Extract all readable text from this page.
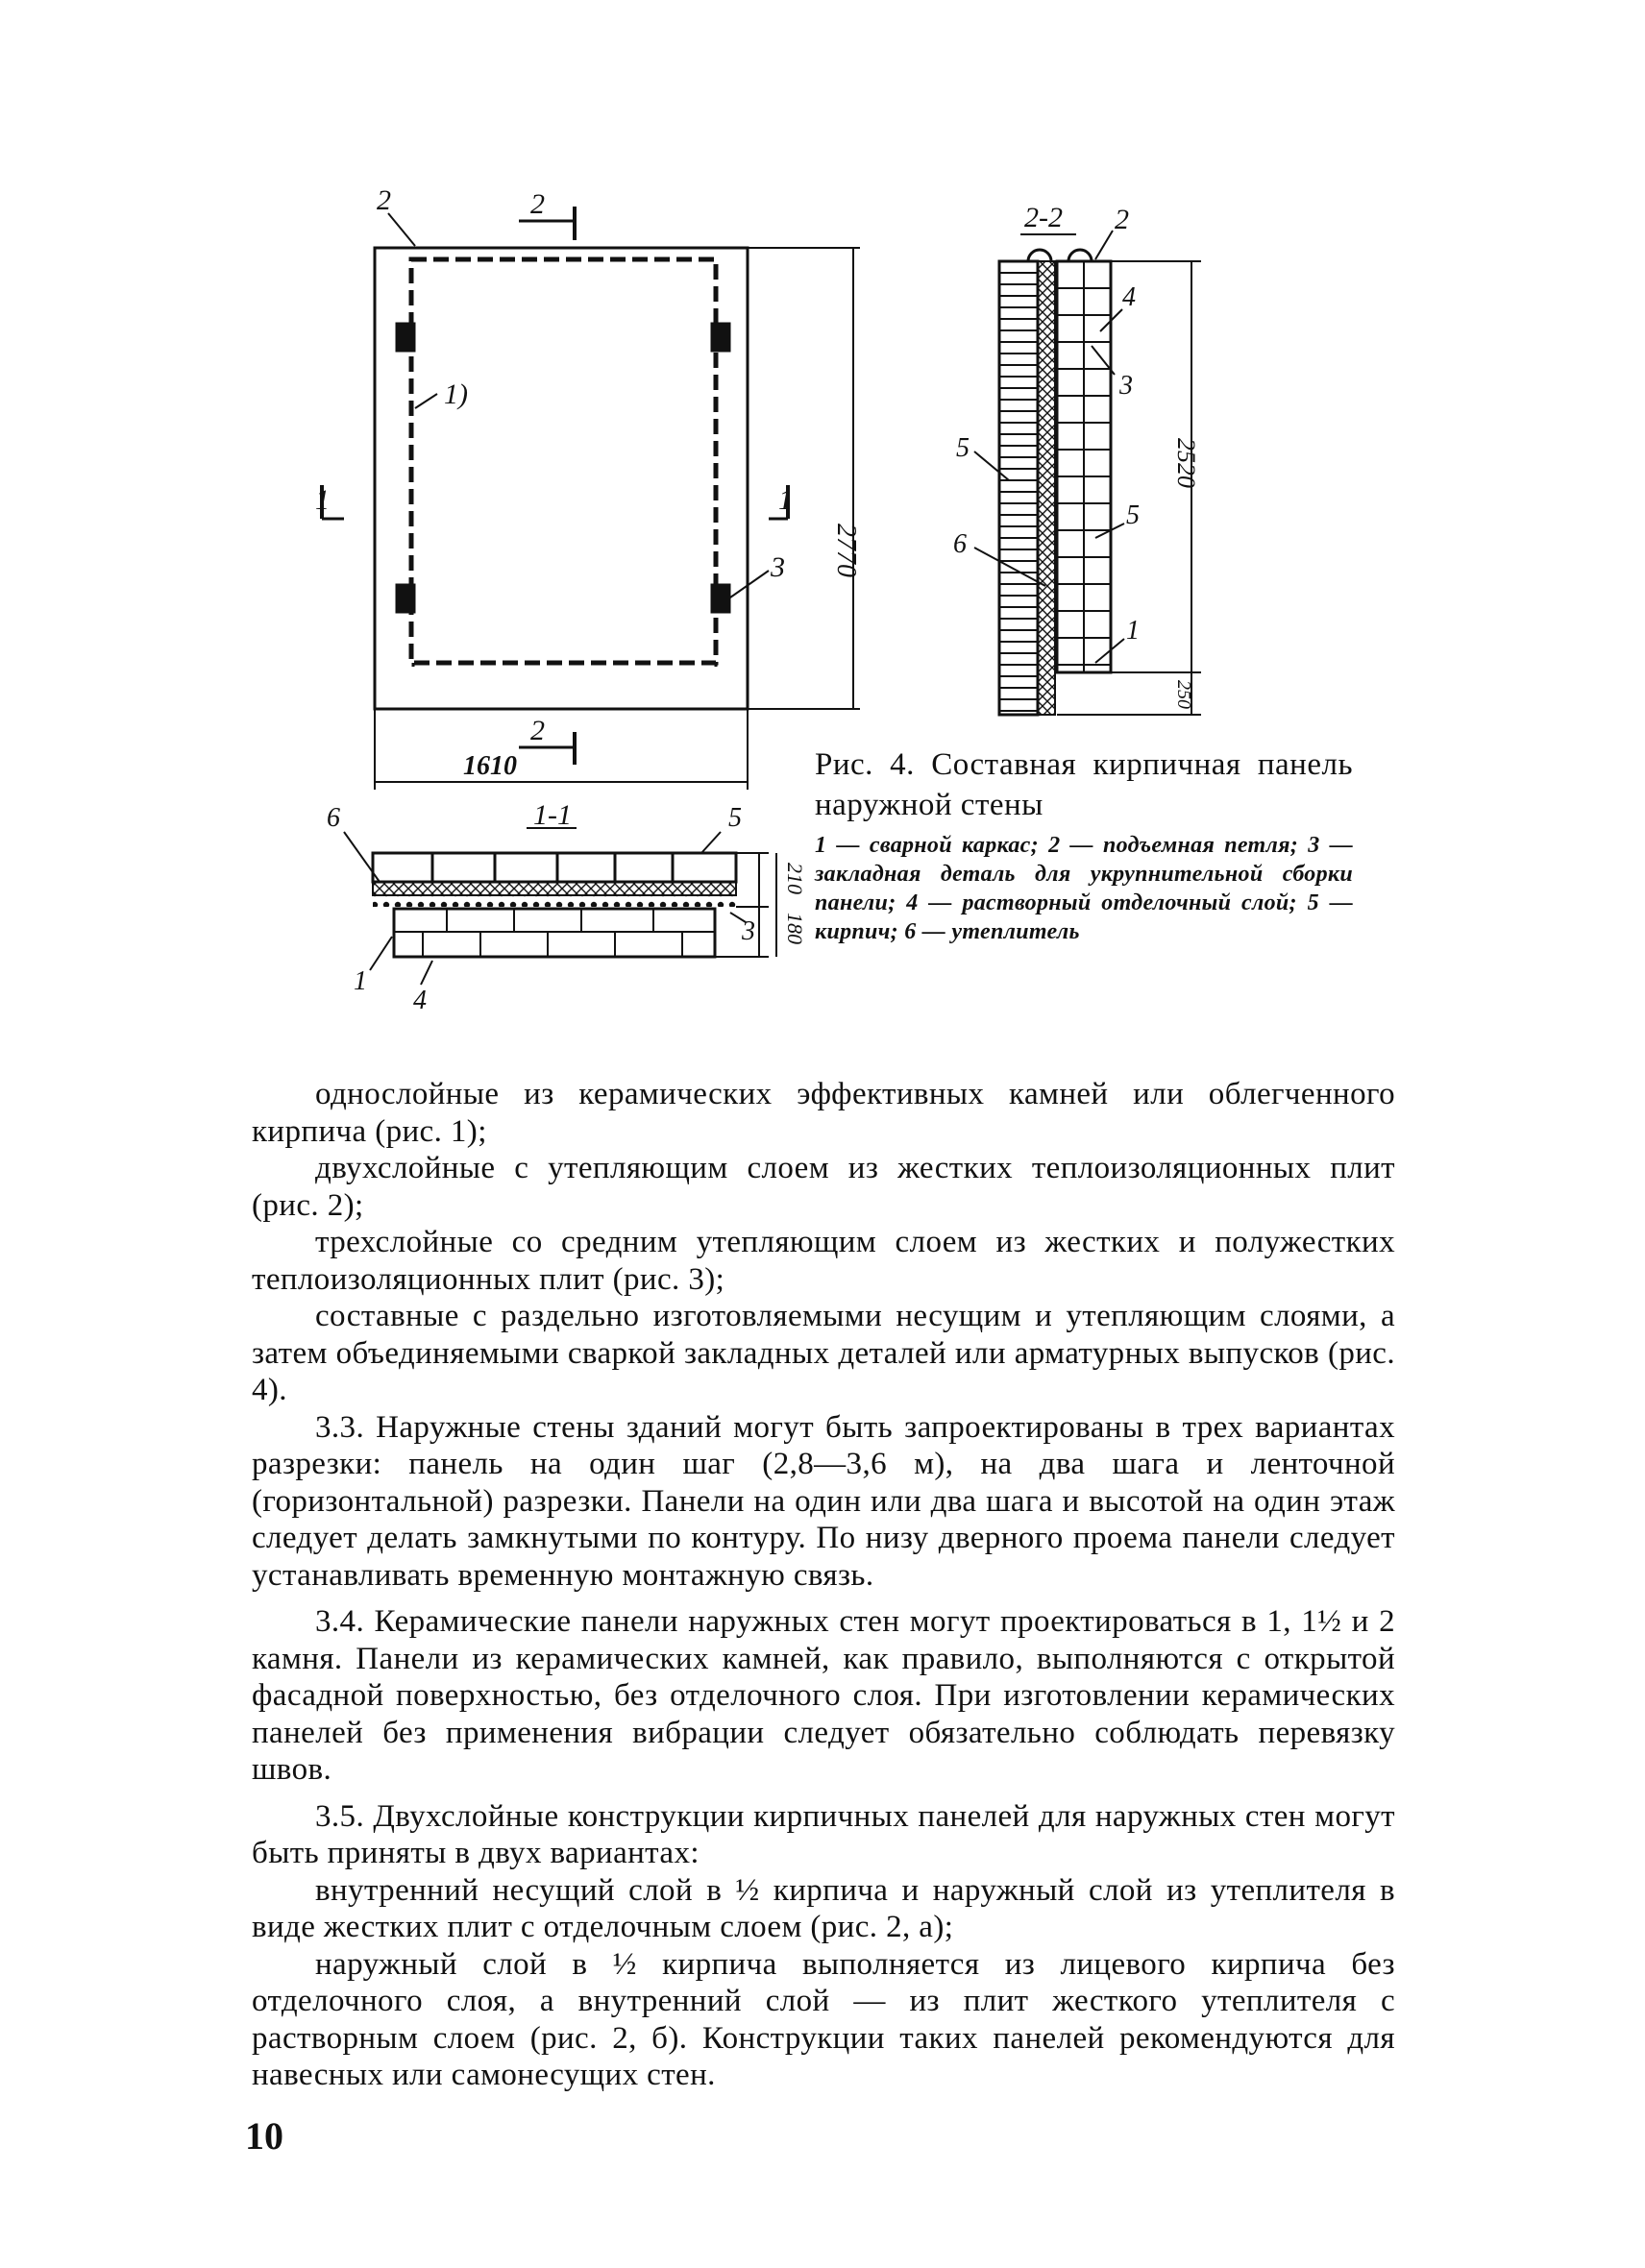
2	2
2
1	1
1)
3 2770
1610
1-1
6	5
3
1
4
210
180
2-2 2
4
3
5
6
5
1
2520
250

Рис. 4. Составная кирпичная панель наружной стены

1 — сварной каркас; 2 — подъемная петля; 3 — закладная деталь для укрупнительной сборки панели; 4 — растворный отделочный слой; 5 — кирпич; 6 — утеплитель

однослойные из керамических эффективных камней или облегченного кирпича (рис. 1);

двухслойные с утепляющим слоем из жестких теплоизоляционных плит (рис. 2);

трехслойные со средним утепляющим слоем из жестких и полужестких теплоизоляционных плит (рис. 3);

составные с раздельно изготовляемыми несущим и утепляющим слоями, а затем объединяемыми сваркой закладных деталей или арматурных выпусков (рис. 4).

3.3. Наружные стены зданий могут быть запроектированы в трех вариантах разрезки: панель на один шаг (2,8—3,6 м), на два шага и ленточной (горизонтальной) разрезки. Панели на один или два шага и высотой на один этаж следует делать замкнутыми по контуру. По низу дверного проема панели следует устанавливать временную монтажную связь.

3.4. Керамические панели наружных стен могут проектироваться в 1, 1½ и 2 камня. Панели из керамических камней, как правило, выполняются с открытой фасадной поверхностью, без отделочного слоя. При изготовлении керамических панелей без применения вибрации следует обязательно соблюдать перевязку швов.

3.5. Двухслойные конструкции кирпичных панелей для наружных стен могут быть приняты в двух вариантах:

внутренний несущий слой в ½ кирпича и наружный слой из утеплителя в виде жестких плит с отделочным слоем (рис. 2, а);

наружный слой в ½ кирпича выполняется из лицевого кирпича без отделочного слоя, а внутренний слой — из плит жесткого утеплителя с растворным слоем (рис. 2, б). Конструкции таких панелей рекомендуются для навесных или самонесущих стен.

10
